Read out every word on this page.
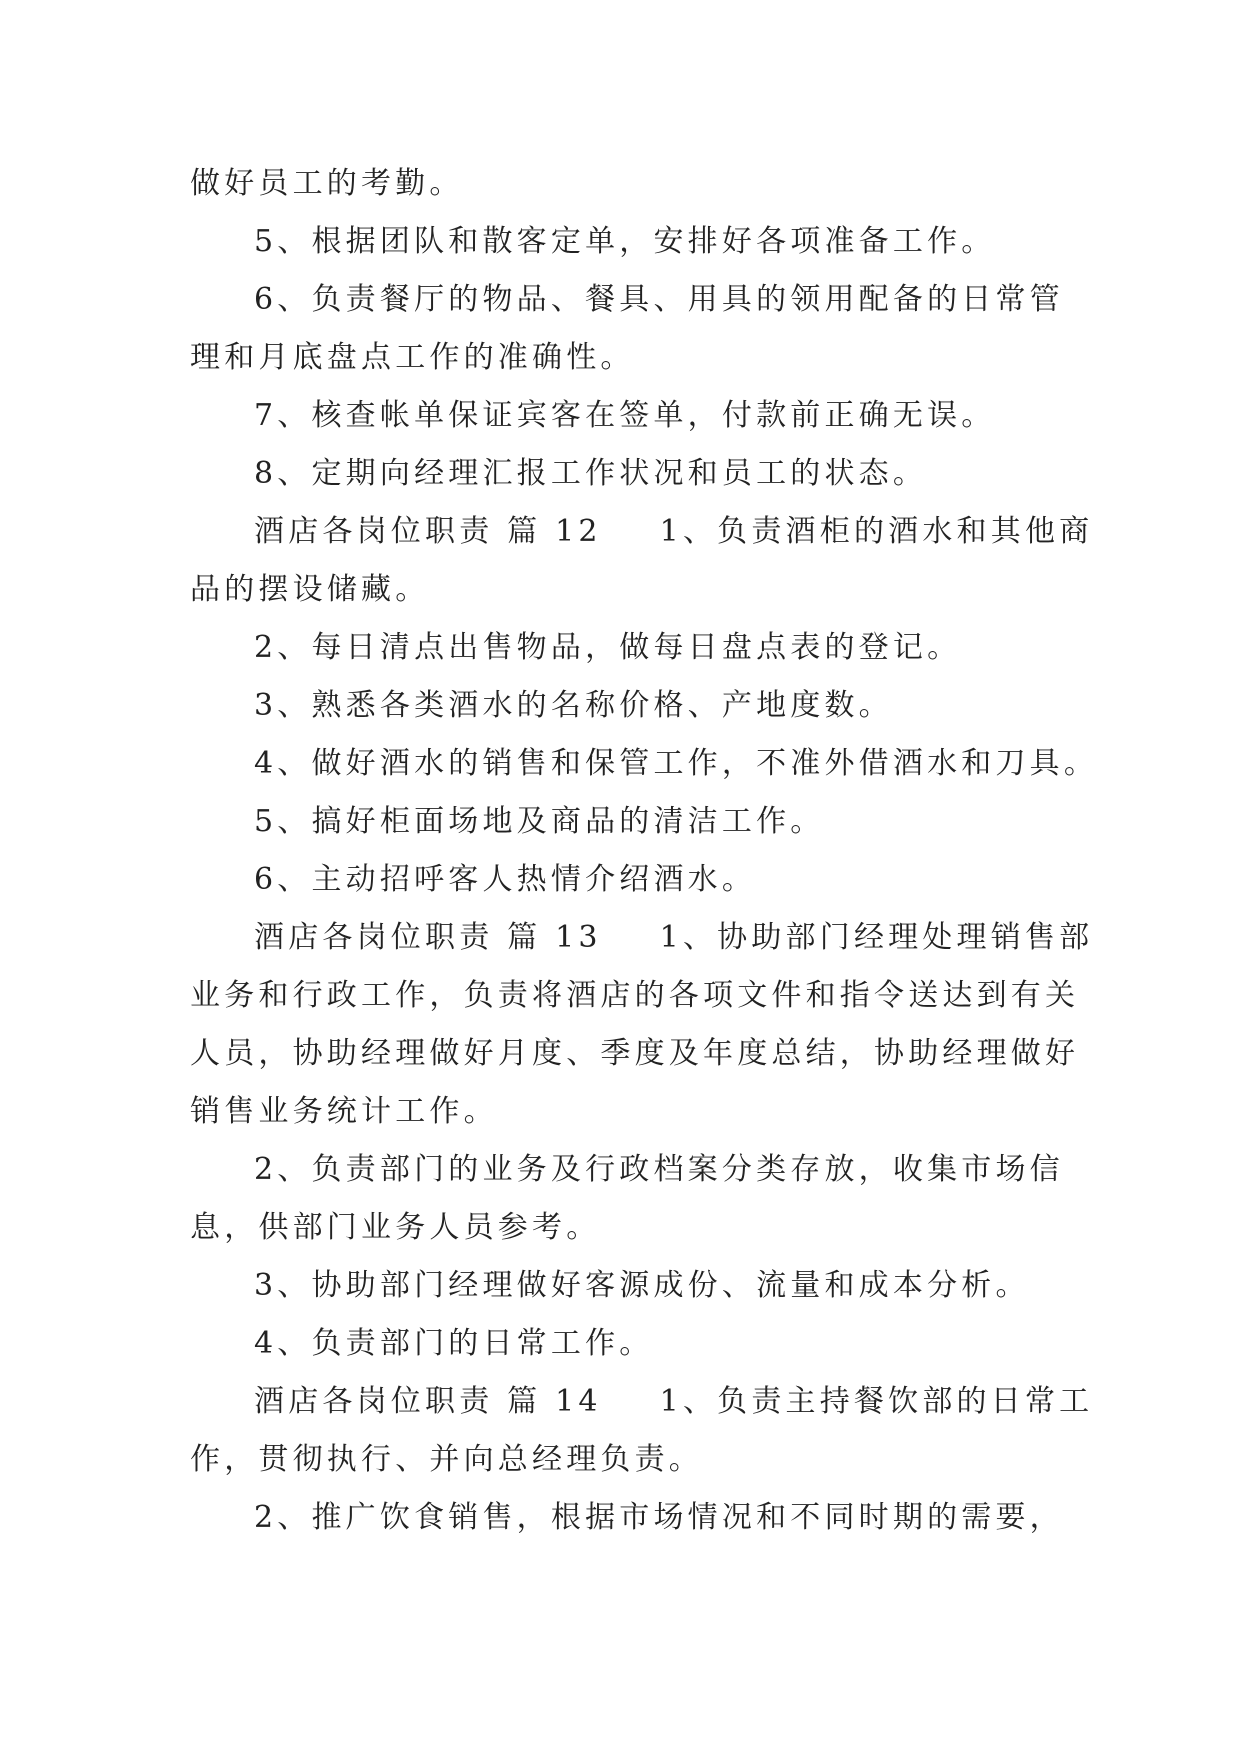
做好员工的考勤。
5、根据团队和散客定单，安排好各项准备工作。
6、负责餐厅的物品、餐具、用具的领用配备的日常管
理和月底盘点工作的准确性。
7、核查帐单保证宾客在签单，付款前正确无误。
8、定期向经理汇报工作状况和员工的状态。
酒店各岗位职责 篇 12 1、负责酒柜的酒水和其他商
品的摆设储藏。
2、每日清点出售物品，做每日盘点表的登记。
3、熟悉各类酒水的名称价格、产地度数。
4、做好酒水的销售和保管工作，不准外借酒水和刀具。
5、搞好柜面场地及商品的清洁工作。
6、主动招呼客人热情介绍酒水。
酒店各岗位职责 篇 13 1、协助部门经理处理销售部
业务和行政工作，负责将酒店的各项文件和指令送达到有关
人员，协助经理做好月度、季度及年度总结，协助经理做好
销售业务统计工作。
2、负责部门的业务及行政档案分类存放，收集市场信
息，供部门业务人员参考。
3、协助部门经理做好客源成份、流量和成本分析。
4、负责部门的日常工作。
酒店各岗位职责 篇 14 1、负责主持餐饮部的日常工
作，贯彻执行、并向总经理负责。
2、推广饮食销售，根据市场情况和不同时期的需要，
